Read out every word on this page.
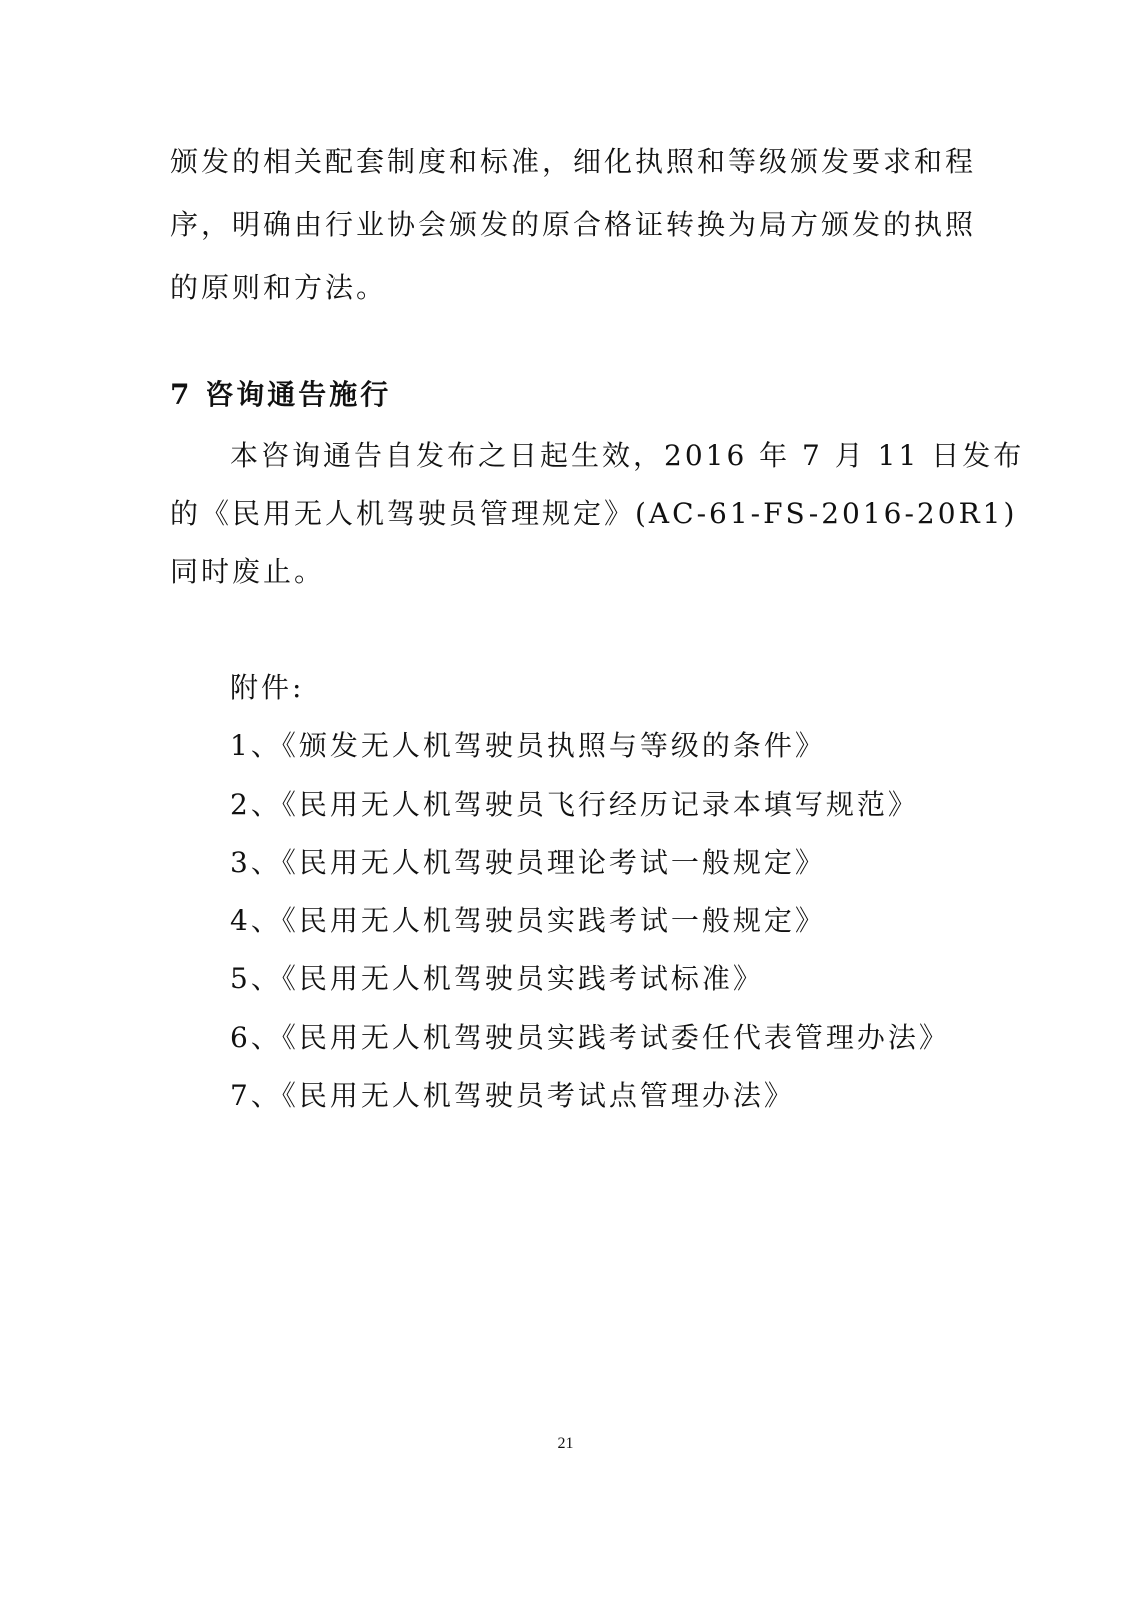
颁发的相关配套制度和标准，细化执照和等级颁发要求和程
序，明确由行业协会颁发的原合格证转换为局方颁发的执照
的原则和方法。
7 咨询通告施行
本咨询通告自发布之日起生效，2016 年 7 月 11 日发布
的《民用无人机驾驶员管理规定》(AC-61-FS-2016-20R1)
同时废止。
附件:
1、《颁发无人机驾驶员执照与等级的条件》
2、《民用无人机驾驶员飞行经历记录本填写规范》
3、《民用无人机驾驶员理论考试一般规定》
4、《民用无人机驾驶员实践考试一般规定》
5、《民用无人机驾驶员实践考试标准》
6、《民用无人机驾驶员实践考试委任代表管理办法》
7、《民用无人机驾驶员考试点管理办法》
21
